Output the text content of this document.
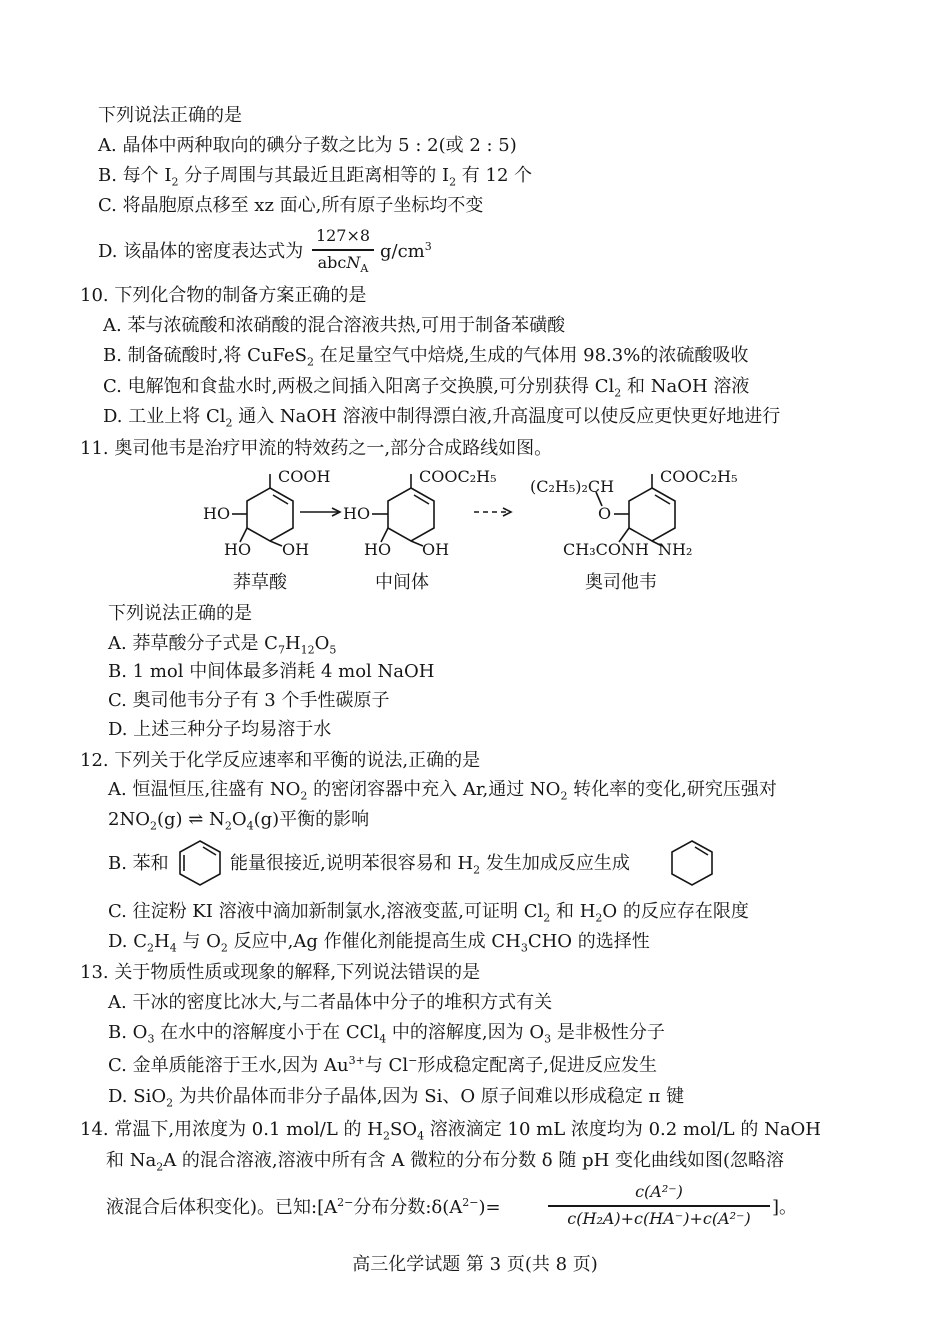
下列说法正确的是
A. 晶体中两种取向的碘分子数之比为 5 : 2(或 2 : 5)
B. 每个 $I_2$ 分子周围与其最近且距离相等的 $I_2$ 有 12 个
C. 将晶胞原点移至 xz 面心,所有原子坐标均不变
D. 该晶体的密度表达式为
127×8
abcN$_A$
$g/cm^3$
10. 下列化合物的制备方案正确的是
A. 苯与浓硫酸和浓硝酸的混合溶液共热,可用于制备苯磺酸
B. 制备硫酸时,将 CuFeS$_2$ 在足量空气中焙烧,生成的气体用 98.3%的浓硫酸吸收
C. 电解饱和食盐水时,两极之间插入阳离子交换膜,可分别获得 $Cl_2$ 和 NaOH 溶液
D. 工业上将 $Cl_2$ 通入 NaOH 溶液中制得漂白液,升高温度可以使反应更快更好地进行
11. 奥司他韦是治疗甲流的特效药之一,部分合成路线如图。
COOH
HO
HO OH
COOC₂H₅
HO
HO OH
(C₂H₅)₂CH
COOC₂H₅
O
CH₃CONH NH₂
莽草酸	中间体	奥司他韦
下列说法正确的是
A. 莽草酸分子式是 $C_7H_{12}O_5$
B. 1 mol 中间体最多消耗 4 mol NaOH
C. 奥司他韦分子有 3 个手性碳原子
D. 上述三种分子均易溶于水
12. 下列关于化学反应速率和平衡的说法,正确的是
A. 恒温恒压,往盛有 $NO_2$ 的密闭容器中充入 Ar,通过 $NO_2$ 转化率的变化,研究压强对
$2NO_2(g)$ ⇌ $N_2O_4(g)$平衡的影响
B. 苯和	能量很接近,说明苯很容易和 $H_2$ 发生加成反应生成
C. 往淀粉 KI 溶液中滴加新制氯水,溶液变蓝,可证明 $Cl_2$ 和 $H_2O$ 的反应存在限度
D. $C_2H_4$ 与 $O_2$ 反应中,Ag 作催化剂能提高生成 $CH_3CHO$ 的选择性
13. 关于物质性质或现象的解释,下列说法错误的是
A. 干冰的密度比冰大,与二者晶体中分子的堆积方式有关
B. $O_3$ 在水中的溶解度小于在 CCl$_4$ 中的溶解度,因为 $O_3$ 是非极性分子
C. 金单质能溶于王水,因为 $Au^{3+}$与 Cl−形成稳定配离子,促进反应发生
D. SiO$_2$ 为共价晶体而非分子晶体,因为 Si、O 原子间难以形成稳定 π 键
14. 常温下,用浓度为 0.1 mol/L 的 $H_2SO_4$ 溶液滴定 10 mL 浓度均为 0.2 mol/L 的 NaOH
和 $Na_2A$ 的混合溶液,溶液中所有含 A 微粒的分布分数 δ 随 pH 变化曲线如图(忽略溶
液混合后体积变化)。已知$:[A^{2-}$分布分数$:\delta(A^{2-})=$
c(A²⁻)
c(H₂A)+c(HA⁻)+c(A²⁻)
]。
高三化学试题 第 3 页(共 8 页)
